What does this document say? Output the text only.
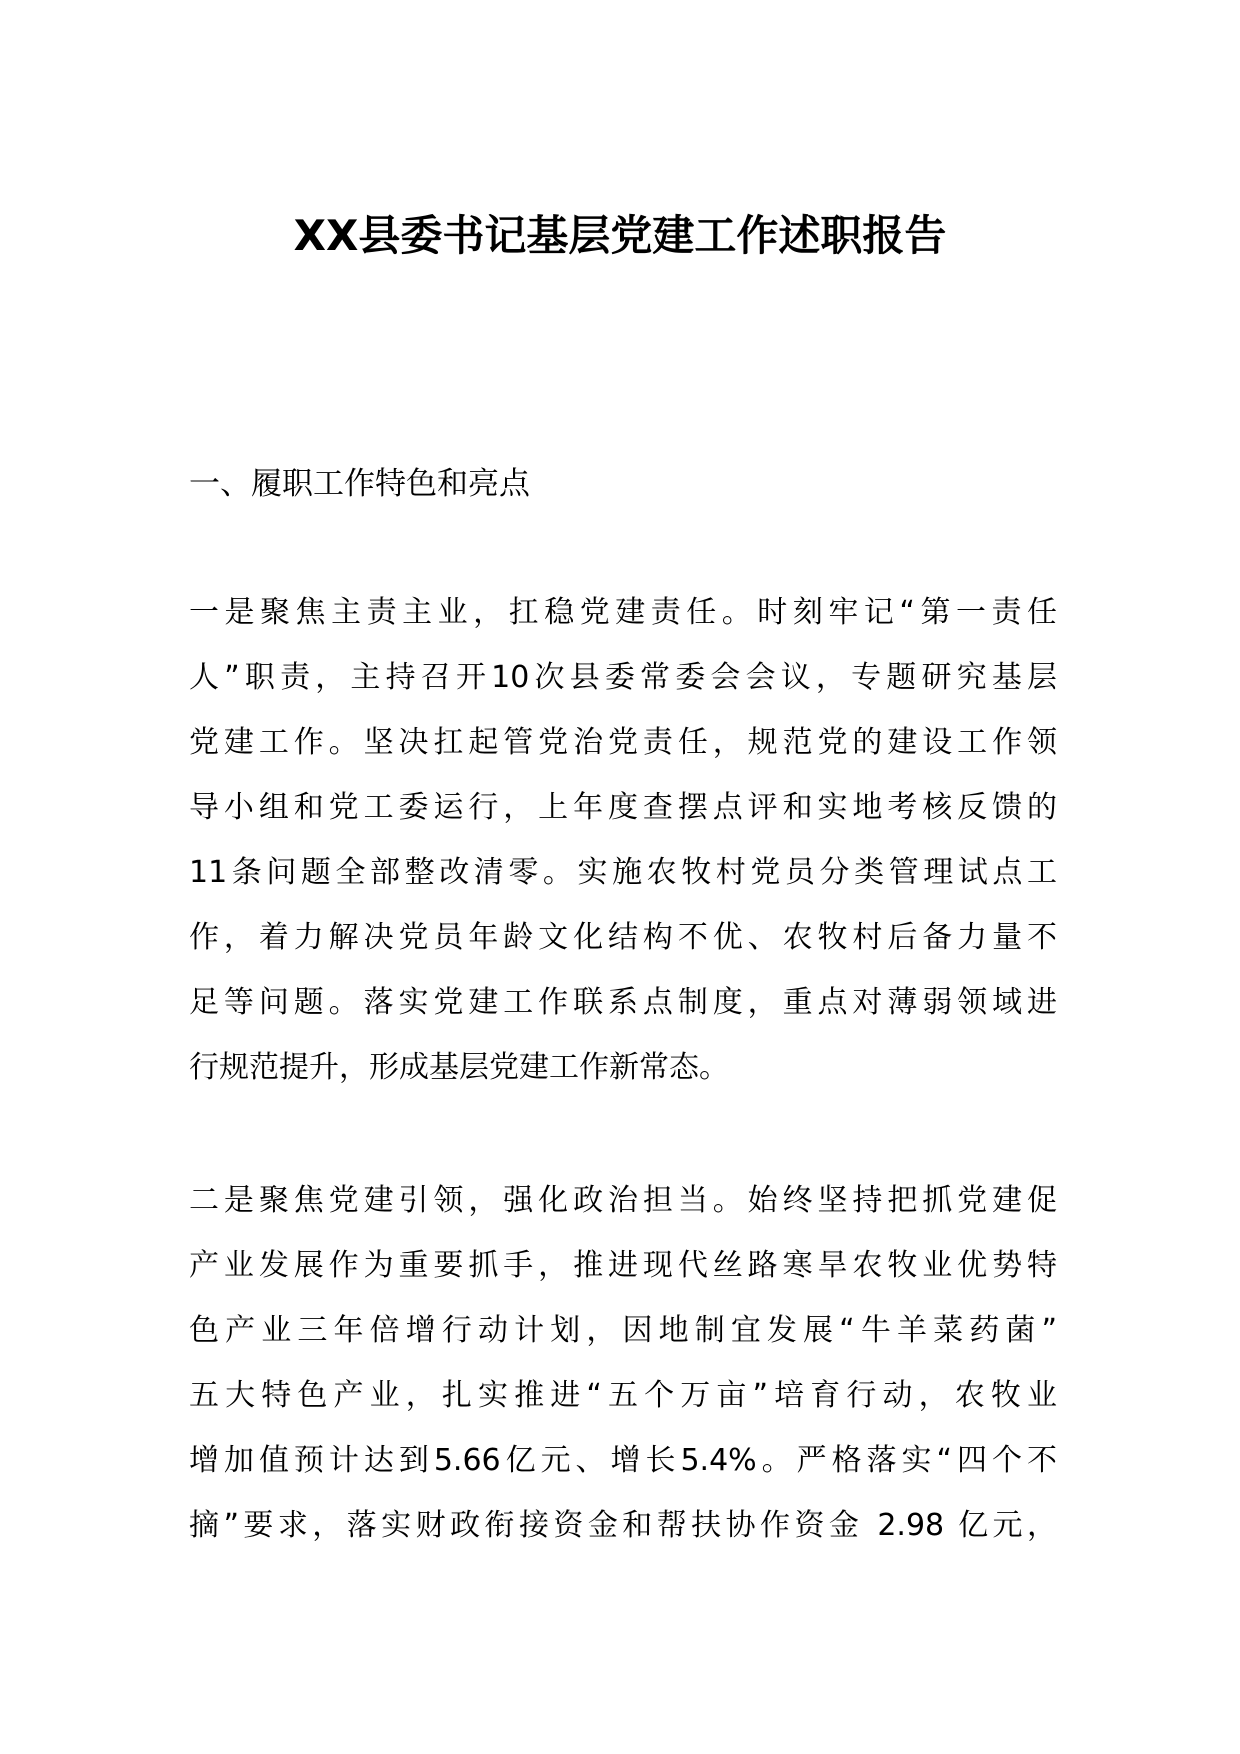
XX县委书记基层党建工作述职报告
一、履职工作特色和亮点
一是聚焦主责主业，扛稳党建责任。时刻牢记“第一责任
人”职责，主持召开10次县委常委会会议，专题研究基层
党建工作。坚决扛起管党治党责任，规范党的建设工作领
导小组和党工委运行，上年度查摆点评和实地考核反馈的
11条问题全部整改清零。实施农牧村党员分类管理试点工
作，着力解决党员年龄文化结构不优、农牧村后备力量不
足等问题。落实党建工作联系点制度，重点对薄弱领域进
行规范提升，形成基层党建工作新常态。
二是聚焦党建引领，强化政治担当。始终坚持把抓党建促
产业发展作为重要抓手，推进现代丝路寒旱农牧业优势特
色产业三年倍增行动计划，因地制宜发展“牛羊菜药菌”
五大特色产业，扎实推进“五个万亩”培育行动，农牧业
增加值预计达到5.66亿元、增长5.4%。严格落实“四个不
摘”要求，落实财政衔接资金和帮扶协作资金 2.98 亿元，
